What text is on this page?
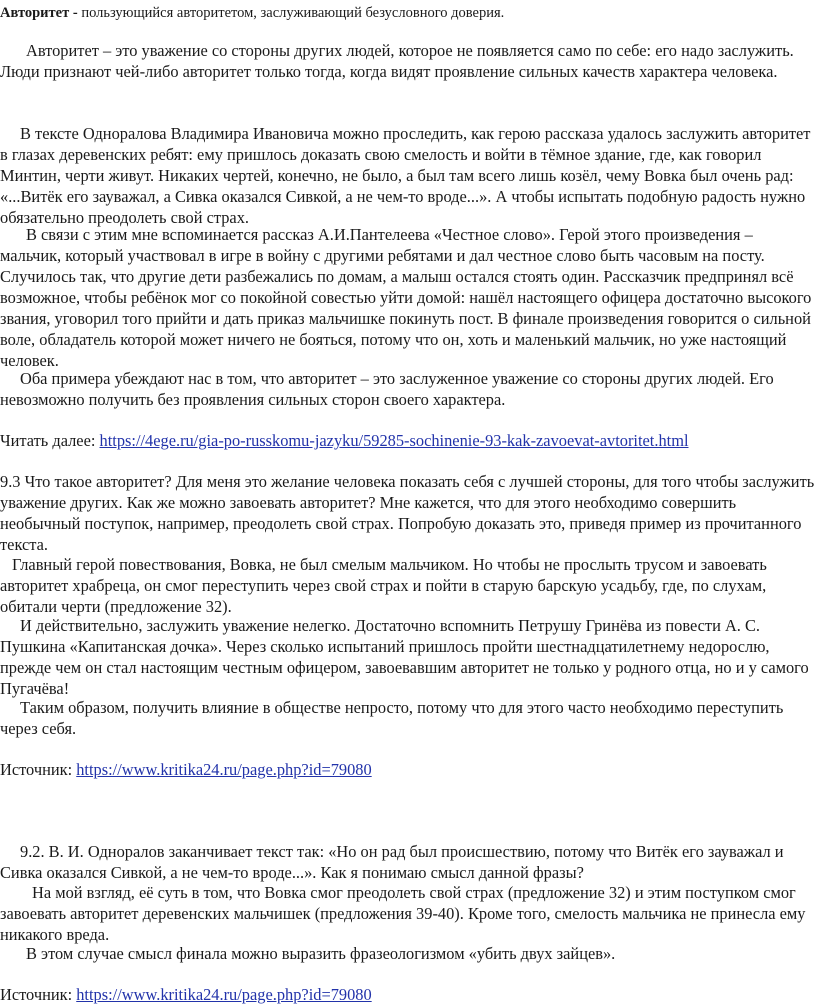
Авторитет - пользующийся авторитетом, заслуживающий безусловного доверия.

Авторитет – это уважение со стороны других людей, которое не появляется само по себе: его надо заслужить. Люди признают чей-либо авторитет только тогда, когда видят проявление сильных качеств характера человека.

В тексте Однoралова Владимира Ивановича можно проследить, как герою рассказа удалось заслужить авторитет в глазах деревенских ребят: ему пришлось доказать свою смелость и войти в тёмное здание, где, как говорил Минтин, черти живут. Никаких чертей, конечно, не было, а был там всего лишь козёл, чему Вовка был очень рад: «...Витёк его зауважал, а Сивка оказался Сивкой, а не чем-то вроде...». А чтобы испытать подобную радость нужно обязательно преодолеть свой страх.

В связи с этим мне вспоминается рассказ А.И.Пантелеева «Честное слово». Герой этого произведения – мальчик, который участвовал в игре в войну с другими ребятами и дал честное слово быть часовым на посту. Случилось так, что другие дети разбежались по домам, а малыш остался стоять один. Рассказчик предпринял всё возможное, чтобы ребёнок мог со покойной совестью уйти домой: нашёл настоящего офицера достаточно высокого звания, уговорил того прийти и дать приказ мальчишке покинуть пост. В финале произведения говорится о сильной воле, обладатель которой может ничего не бояться, потому что он, хоть и маленький мальчик, но уже настоящий человек.

Оба примера убеждают нас в том, что авторитет – это заслуженное уважение со стороны других людей. Его невозможно получить без проявления сильных сторон своего характера.

Читать далее: https://4ege.ru/gia-po-russkomu-jazyku/59285-sochinenie-93-kak-zavoevat-avtoritet.html

9.3 Что такое авторитет? Для меня это желание человека показать себя с лучшей стороны, для того чтобы заслужить уважение других. Как же можно завоевать авторитет? Мне кажется, что для этого необходимо совершить необычный поступок, например, преодолеть свой страх. Попробую доказать это, приведя пример из прочитанного текста.

Главный герой повествования, Вовка, не был смелым мальчиком. Но чтобы не прослыть трусом и завоевать авторитет храбреца, он смог переступить через свой страх и пойти в старую барскую усадьбу, где, по слухам, обитали черти (предложение 32).

И действительно, заслужить уважение нелегко. Достаточно вспомнить Петрушу Гринёва из повести А. С. Пушкина «Капитанская дочка». Через сколько испытаний пришлось пройти шестнадцатилетнему недорослю, прежде чем он стал настоящим честным офицером, завоевавшим авторитет не только у родного отца, но и у самого Пугачёва!

Таким образом, получить влияние в обществе непросто, потому что для этого часто необходимо переступить через себя.

Источник: https://www.kritika24.ru/page.php?id=79080

9.2. В. И. Однoралов заканчивает текст так: «Но он рад был происшествию, потому что Витёк его зауважал и Сивка оказался Сивкой, а не чем-то вроде...». Как я понимаю смысл данной фразы?

На мой взгляд, её суть в том, что Вовка смог преодолеть свой страх (предложение 32) и этим поступком смог завоевать авторитет деревенских мальчишек (предложения 39-40). Кроме того, смелость мальчика не принесла ему никакого вреда.

В этом случае смысл финала можно выразить фразеологизмом «убить двух зайцев».

Источник: https://www.kritika24.ru/page.php?id=79080
